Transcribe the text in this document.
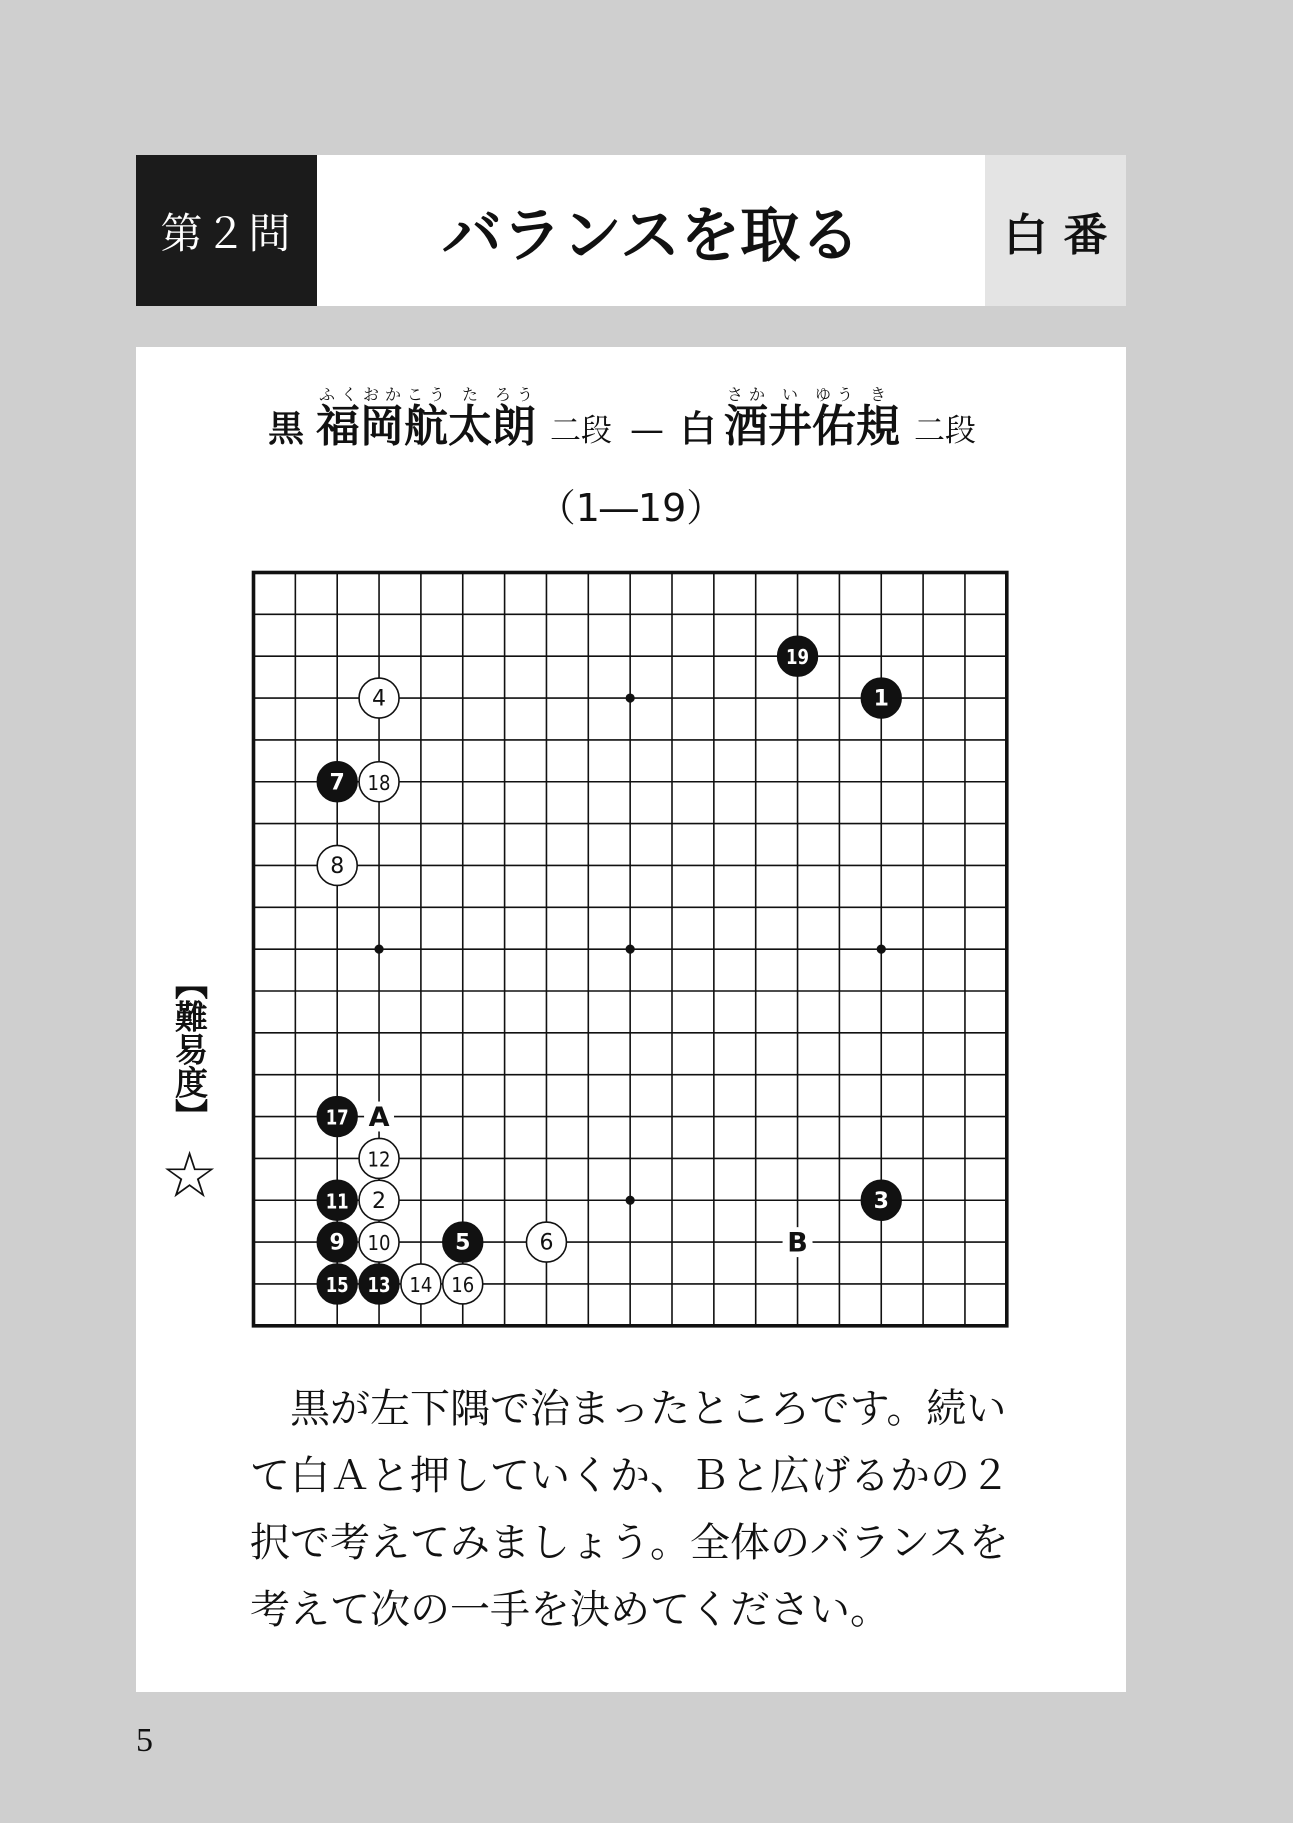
第２問	バランスを取る	白番
黒 福岡航ふくおかこう太た朗ろう二段 — 白 酒さか井い佑ゆう規き二段
（1―19）
A
B
1
2	3
4
5	6
7
8
9 10
11
12
13 14
15	16
17
18
19
【難易度】
☆
黒が左下隅で治まったところです。続い
て白Ａと押していくか、Ｂと広げるかの２
択で考えてみましょう。全体のバランスを
考えて次の一手を決めてください。
5
